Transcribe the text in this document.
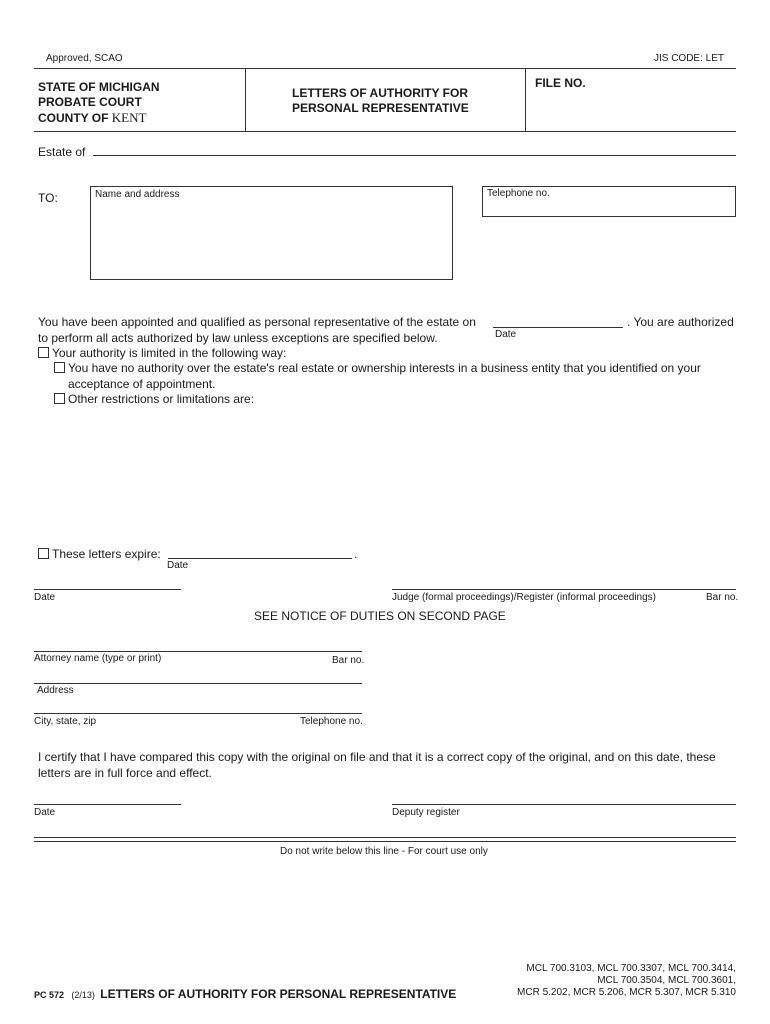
Approved, SCAO	JIS CODE: LET
STATE OF MICHIGAN
PROBATE COURT
COUNTY OF KENT
LETTERS OF AUTHORITY FOR
PERSONAL REPRESENTATIVE
FILE NO.
Estate of
TO:	Name and address	Telephone no.
You have been appointed and qualified as personal representative of the estate on	. You are authorized
Date
to perform all acts authorized by law unless exceptions are specified below.
Your authority is limited in the following way:
You have no authority over the estate's real estate or ownership interests in a business entity that you identified on your
acceptance of appointment.
Other restrictions or limitations are:
These letters expire:	.
Date
Date	Judge (formal proceedings)/Register (informal proceedings)	Bar no.
SEE NOTICE OF DUTIES ON SECOND PAGE
Attorney name (type or print)	Bar no.
Address
City, state, zip	Telephone no.
I certify that I have compared this copy with the original on file and that it is a correct copy of the original, and on this date, these
letters are in full force and effect.
Date	Deputy register
Do not write below this line - For court use only
PC 572 (2/13) LETTERS OF AUTHORITY FOR PERSONAL REPRESENTATIVE
MCL 700.3103, MCL 700.3307, MCL 700.3414,
MCL 700.3504, MCL 700.3601,
MCR 5.202, MCR 5.206, MCR 5.307, MCR 5.310
